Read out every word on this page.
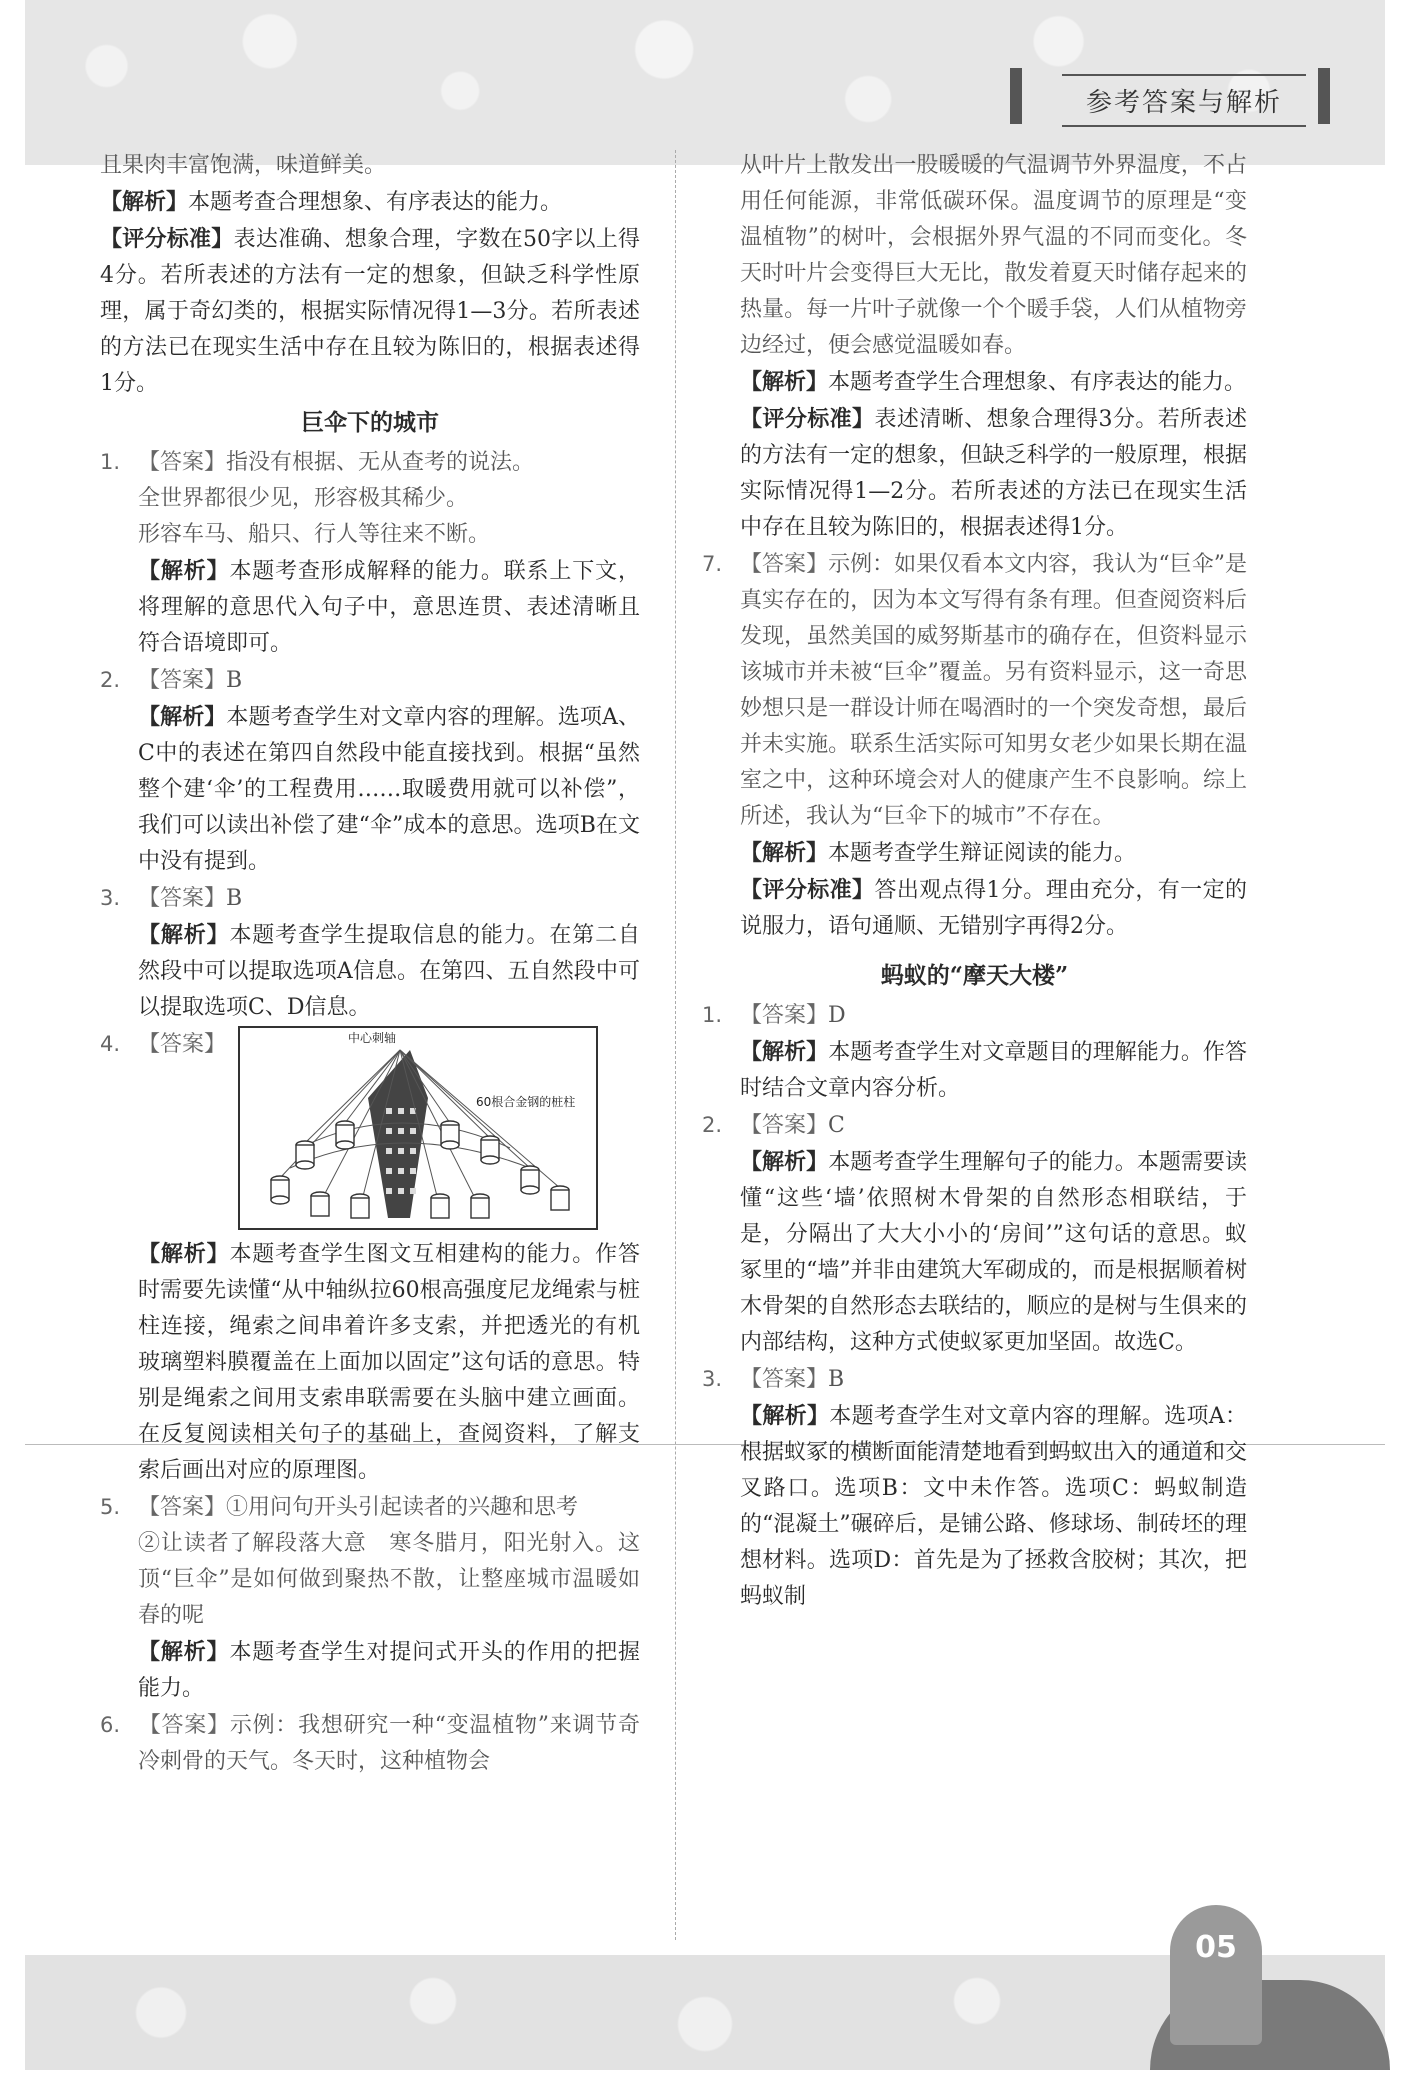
参考答案与解析

且果肉丰富饱满，味道鲜美。

【解析】本题考查合理想象、有序表达的能力。

【评分标准】表达准确、想象合理，字数在50字以上得4分。若所表述的方法有一定的想象，但缺乏科学性原理，属于奇幻类的，根据实际情况得1—3分。若所表述的方法已在现实生活中存在且较为陈旧的，根据表述得1分。

巨伞下的城市

1. 【答案】指没有根据、无从查考的说法。

全世界都很少见，形容极其稀少。

形容车马、船只、行人等往来不断。

【解析】本题考查形成解释的能力。联系上下文，将理解的意思代入句子中，意思连贯、表述清晰且符合语境即可。

2. 【答案】B

【解析】本题考查学生对文章内容的理解。选项A、C中的表述在第四自然段中能直接找到。根据“虽然整个建‘伞’的工程费用……取暖费用就可以补偿”，我们可以读出补偿了建“伞”成本的意思。选项B在文中没有提到。

3. 【答案】B

【解析】本题考查学生提取信息的能力。在第二自然段中可以提取选项A信息。在第四、五自然段中可以提取选项C、D信息。

4. 【答案】	中心刺轴
60根合金钢的桩柱

【解析】本题考查学生图文互相建构的能力。作答时需要先读懂“从中轴纵拉60根高强度尼龙绳索与桩柱连接，绳索之间串着许多支索，并把透光的有机玻璃塑料膜覆盖在上面加以固定”这句话的意思。特别是绳索之间用支索串联需要在头脑中建立画面。在反复阅读相关句子的基础上，查阅资料，了解支索后画出对应的原理图。

5. 【答案】①用问句开头引起读者的兴趣和思考

②让读者了解段落大意　寒冬腊月，阳光射入。这顶“巨伞”是如何做到聚热不散，让整座城市温暖如春的呢

【解析】本题考查学生对提问式开头的作用的把握能力。

6. 【答案】示例：我想研究一种“变温植物”来调节奇冷刺骨的天气。冬天时，这种植物会

从叶片上散发出一股暖暖的气温调节外界温度，不占用任何能源，非常低碳环保。温度调节的原理是“变温植物”的树叶，会根据外界气温的不同而变化。冬天时叶片会变得巨大无比，散发着夏天时储存起来的热量。每一片叶子就像一个个暖手袋，人们从植物旁边经过，便会感觉温暖如春。

【解析】本题考查学生合理想象、有序表达的能力。

【评分标准】表述清晰、想象合理得3分。若所表述的方法有一定的想象，但缺乏科学的一般原理，根据实际情况得1—2分。若所表述的方法已在现实生活中存在且较为陈旧的，根据表述得1分。

7. 【答案】示例：如果仅看本文内容，我认为“巨伞”是真实存在的，因为本文写得有条有理。但查阅资料后发现，虽然美国的威努斯基市的确存在，但资料显示该城市并未被“巨伞”覆盖。另有资料显示，这一奇思妙想只是一群设计师在喝酒时的一个突发奇想，最后并未实施。联系生活实际可知男女老少如果长期在温室之中，这种环境会对人的健康产生不良影响。综上所述，我认为“巨伞下的城市”不存在。

【解析】本题考查学生辩证阅读的能力。

【评分标准】答出观点得1分。理由充分，有一定的说服力，语句通顺、无错别字再得2分。

蚂蚁的“摩天大楼”

1. 【答案】D

【解析】本题考查学生对文章题目的理解能力。作答时结合文章内容分析。

2. 【答案】C

【解析】本题考查学生理解句子的能力。本题需要读懂“这些‘墙’依照树木骨架的自然形态相联结，于是，分隔出了大大小小的‘房间’”这句话的意思。蚁冢里的“墙”并非由建筑大军砌成的，而是根据顺着树木骨架的自然形态去联结的，顺应的是树与生俱来的内部结构，这种方式使蚁冢更加坚固。故选C。

3. 【答案】B

【解析】本题考查学生对文章内容的理解。选项A：根据蚁冢的横断面能清楚地看到蚂蚁出入的通道和交叉路口。选项B：文中未作答。选项C：蚂蚁制造的“混凝土”碾碎后，是铺公路、修球场、制砖坯的理想材料。选项D：首先是为了拯救含胶树；其次，把蚂蚁制

05
